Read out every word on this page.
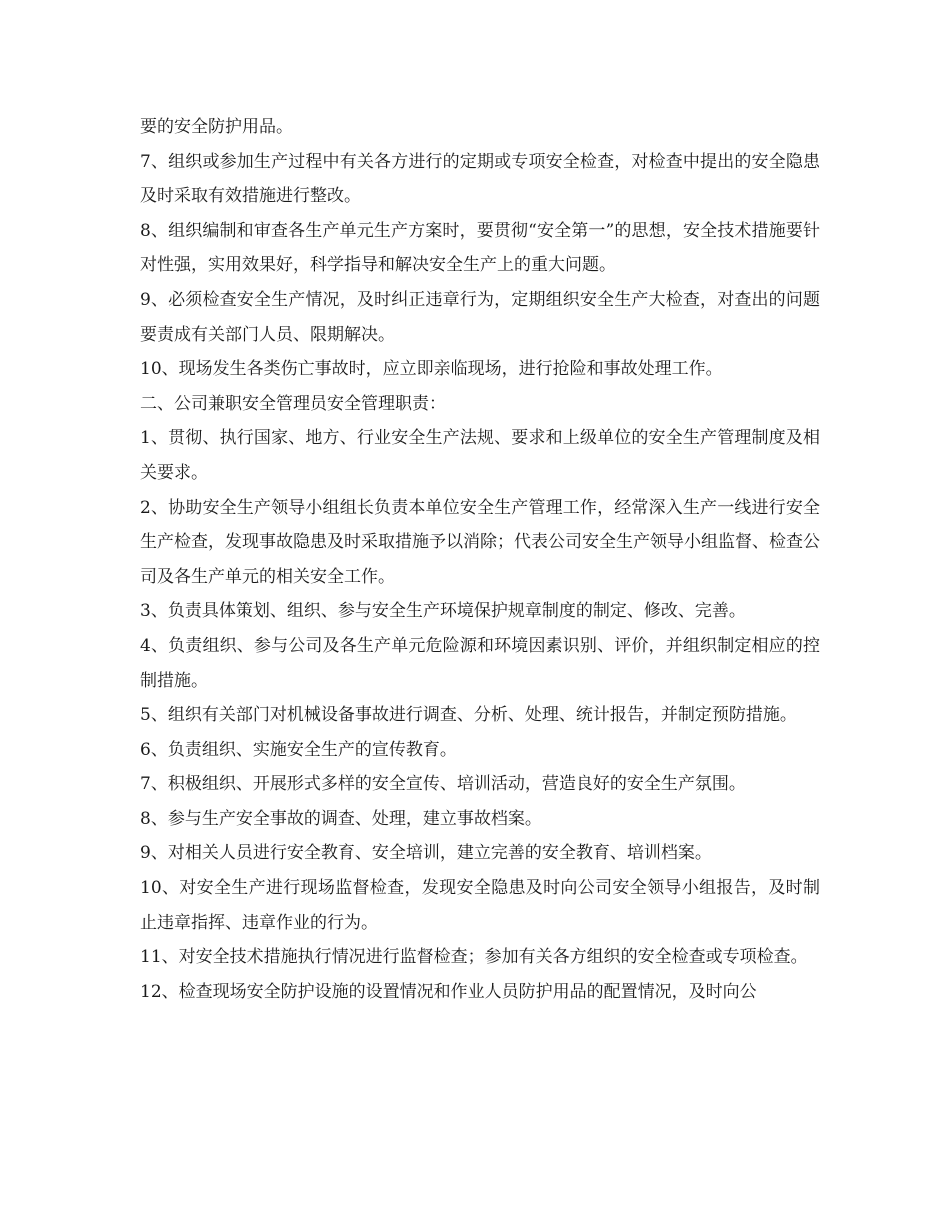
要的安全防护用品。

7、组织或参加生产过程中有关各方进行的定期或专项安全检查，对检查中提出的安全隐患及时采取有效措施进行整改。

8、组织编制和审查各生产单元生产方案时，要贯彻“安全第一”的思想，安全技术措施要针对性强，实用效果好，科学指导和解决安全生产上的重大问题。

9、必须检查安全生产情况，及时纠正违章行为，定期组织安全生产大检查，对查出的问题要责成有关部门人员、限期解决。

10、现场发生各类伤亡事故时，应立即亲临现场，进行抢险和事故处理工作。

二、公司兼职安全管理员安全管理职责：

1、贯彻、执行国家、地方、行业安全生产法规、要求和上级单位的安全生产管理制度及相关要求。

2、协助安全生产领导小组组长负责本单位安全生产管理工作，经常深入生产一线进行安全生产检查，发现事故隐患及时采取措施予以消除；代表公司安全生产领导小组监督、检查公司及各生产单元的相关安全工作。

3、负责具体策划、组织、参与安全生产环境保护规章制度的制定、修改、完善。

4、负责组织、参与公司及各生产单元危险源和环境因素识别、评价，并组织制定相应的控制措施。

5、组织有关部门对机械设备事故进行调查、分析、处理、统计报告，并制定预防措施。

6、负责组织、实施安全生产的宣传教育。

7、积极组织、开展形式多样的安全宣传、培训活动，营造良好的安全生产氛围。

8、参与生产安全事故的调查、处理，建立事故档案。

9、对相关人员进行安全教育、安全培训，建立完善的安全教育、培训档案。

10、对安全生产进行现场监督检查，发现安全隐患及时向公司安全领导小组报告，及时制止违章指挥、违章作业的行为。

11、对安全技术措施执行情况进行监督检查；参加有关各方组织的安全检查或专项检查。

12、检查现场安全防护设施的设置情况和作业人员防护用品的配置情况，及时向公
